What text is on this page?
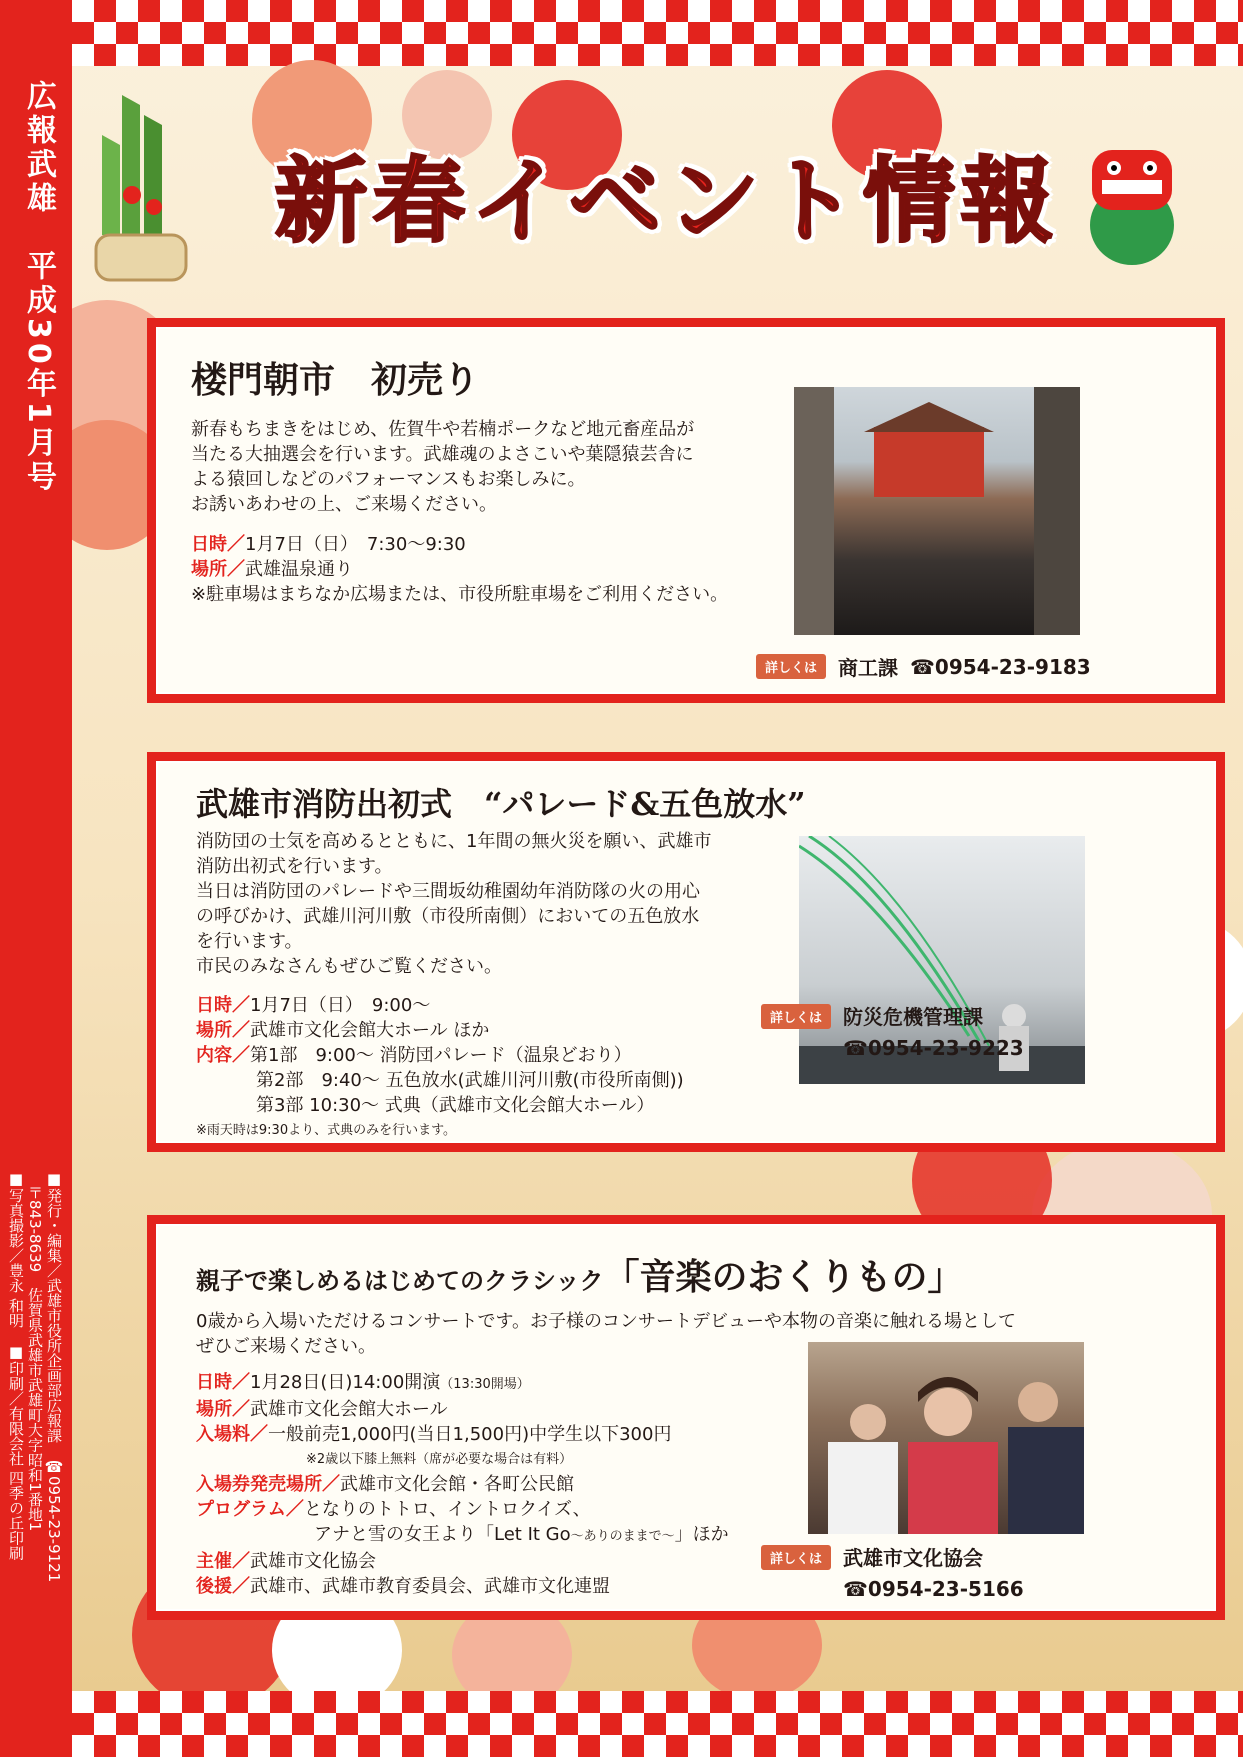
広報武雄　平成30年1月号
■発行・編集／武雄市役所企画部広報課　☎0954-23-9121
　〒843-8639　佐賀県武雄市武雄町大字昭和1番地1
■写真撮影／豊永 和明　■印刷／有限会社 四季の丘印刷
新春イベント情報
楼門朝市　初売り
新春もちまきをはじめ、佐賀牛や若楠ポークなど地元畜産品が
当たる大抽選会を行います。武雄魂のよさこいや葉隠猿芸舎に
よる猿回しなどのパフォーマンスもお楽しみに。
お誘いあわせの上、ご来場ください。
日時／1月7日（日）　7:30〜9:30
場所／武雄温泉通り
※駐車場はまちなか広場または、市役所駐車場をご利用ください。
詳しくは	商工課 ☎0954-23-9183
武雄市消防出初式　“パレード&五色放水”
消防団の士気を高めるとともに、1年間の無火災を願い、武雄市
消防出初式を行います。
当日は消防団のパレードや三間坂幼稚園幼年消防隊の火の用心
の呼びかけ、武雄川河川敷（市役所南側）においての五色放水
を行います。
市民のみなさんもぜひご覧ください。
日時／1月7日（日）　9:00〜
場所／武雄市文化会館大ホール ほか
内容／第1部　9:00〜 消防団パレード（温泉どおり）
第2部　9:40〜 五色放水(武雄川河川敷(市役所南側))
第3部 10:30〜 式典（武雄市文化会館大ホール）
※雨天時は9:30より、式典のみを行います。
詳しくは	防災危機管理課
☎0954-23-9223
親子で楽しめるはじめてのクラシック「音楽のおくりもの」
0歳から入場いただけるコンサートです。お子様のコンサートデビューや本物の音楽に触れる場として
ぜひご来場ください。
日時／1月28日(日)14:00開演（13:30開場）
場所／武雄市文化会館大ホール
入場料／一般前売1,000円(当日1,500円)中学生以下300円
※2歳以下膝上無料（席が必要な場合は有料）
入場券発売場所／武雄市文化会館・各町公民館
プログラム／となりのトトロ、イントロクイズ、
アナと雪の女王より「Let It Go〜ありのままで〜」ほか
主催／武雄市文化協会
後援／武雄市、武雄市教育委員会、武雄市文化連盟
詳しくは	武雄市文化協会
☎0954-23-5166
